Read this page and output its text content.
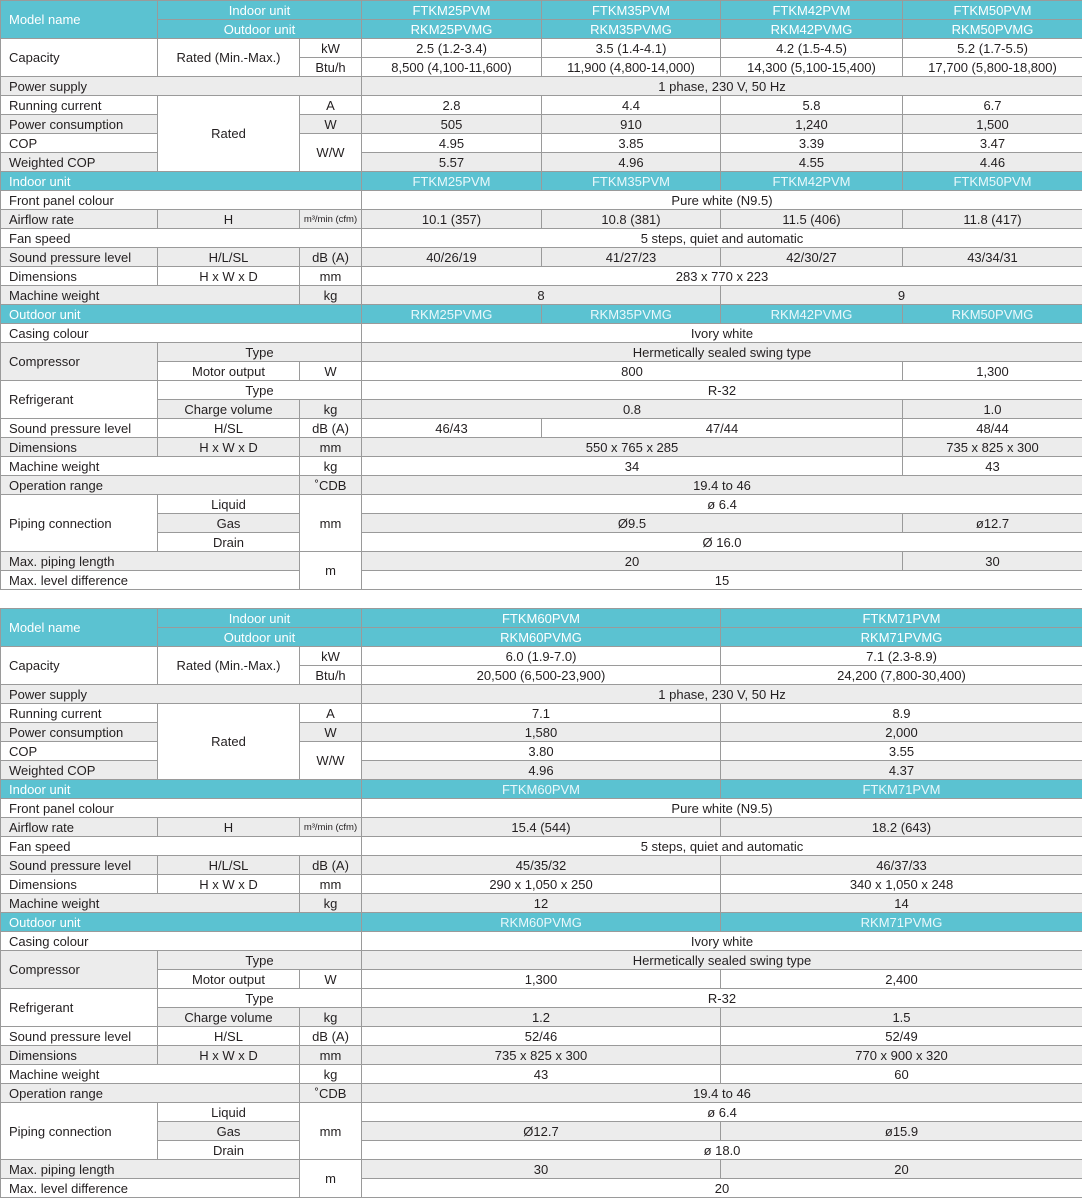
Model name	Indoor unit		FTKM25PVM	FTKM35PVM	FTKM42PVM	FTKM50PVM
	Outdoor unit		RKM25PVMG	RKM35PVMG	RKM42PVMG	RKM50PVMG
Capacity	Rated (Min.-Max.)	kW	2.5 (1.2-3.4)	3.5 (1.4-4.1)	4.2 (1.5-4.5)	5.2 (1.7-5.5)
		Btu/h	8,500 (4,100-11,600)	11,900 (4,800-14,000)	14,300 (5,100-15,400)	17,700 (5,800-18,800)
Power supply			1 phase, 230 V, 50 Hz			
Running current	Rated	A	2.8	4.4	5.8	6.7
Power consumption		W	505	910	1,240	1,500
COP		W/W	4.95	3.85	3.39	3.47
Weighted COP			5.57	4.96	4.55	4.46
Indoor unit			FTKM25PVM	FTKM35PVM	FTKM42PVM	FTKM50PVM
Front panel colour			Pure white (N9.5)			
Airflow rate	H	m³/min (cfm)	10.1 (357)	10.8 (381)	11.5 (406)	11.8 (417)
Fan speed			5 steps, quiet and automatic			
Sound pressure level	H/L/SL	dB (A)	40/26/19	41/27/23	42/30/27	43/34/31
Dimensions	H x W x D	mm	283 x 770 x 223			
Machine weight		kg	8		9	
Outdoor unit			RKM25PVMG	RKM35PVMG	RKM42PVMG	RKM50PVMG
Casing colour			Ivory white			
Compressor	Type		Hermetically sealed swing type			
	Motor output	W	800			1,300
Refrigerant	Type		R-32			
	Charge volume	kg	0.8			1.0
Sound pressure level	H/SL	dB (A)	46/43	47/44		48/44
Dimensions	H x W x D	mm	550 x 765 x 285			735 x 825 x 300
Machine weight		kg	34			43
Operation range		˚CDB	19.4 to 46			
Piping connection	Liquid	mm	ø 6.4			
	Gas		Ø9.5			ø12.7
	Drain		Ø 16.0			
Max. piping length		m	20			30
Max. level difference			15			
Model name	Indoor unit		FTKM60PVM	FTKM71PVM
	Outdoor unit		RKM60PVMG	RKM71PVMG
Capacity	Rated (Min.-Max.)	kW	6.0 (1.9-7.0)	7.1 (2.3-8.9)
		Btu/h	20,500 (6,500-23,900)	24,200 (7,800-30,400)
Power supply			1 phase, 230 V, 50 Hz	
Running current	Rated	A	7.1	8.9
Power consumption		W	1,580	2,000
COP		W/W	3.80	3.55
Weighted COP			4.96	4.37
Indoor unit			FTKM60PVM	FTKM71PVM
Front panel colour			Pure white (N9.5)	
Airflow rate	H	m³/min (cfm)	15.4 (544)	18.2 (643)
Fan speed			5 steps, quiet and automatic	
Sound pressure level	H/L/SL	dB (A)	45/35/32	46/37/33
Dimensions	H x W x D	mm	290 x 1,050 x 250	340 x 1,050 x 248
Machine weight		kg	12	14
Outdoor unit			RKM60PVMG	RKM71PVMG
Casing colour			Ivory white	
Compressor	Type		Hermetically sealed swing type	
	Motor output	W	1,300	2,400
Refrigerant	Type		R-32	
	Charge volume	kg	1.2	1.5
Sound pressure level	H/SL	dB (A)	52/46	52/49
Dimensions	H x W x D	mm	735 x 825 x 300	770 x 900 x 320
Machine weight		kg	43	60
Operation range		˚CDB	19.4 to 46	
Piping connection	Liquid	mm	ø 6.4	
	Gas		Ø12.7	ø15.9
	Drain		ø 18.0	
Max. piping length		m	30	20
Max. level difference			20	
